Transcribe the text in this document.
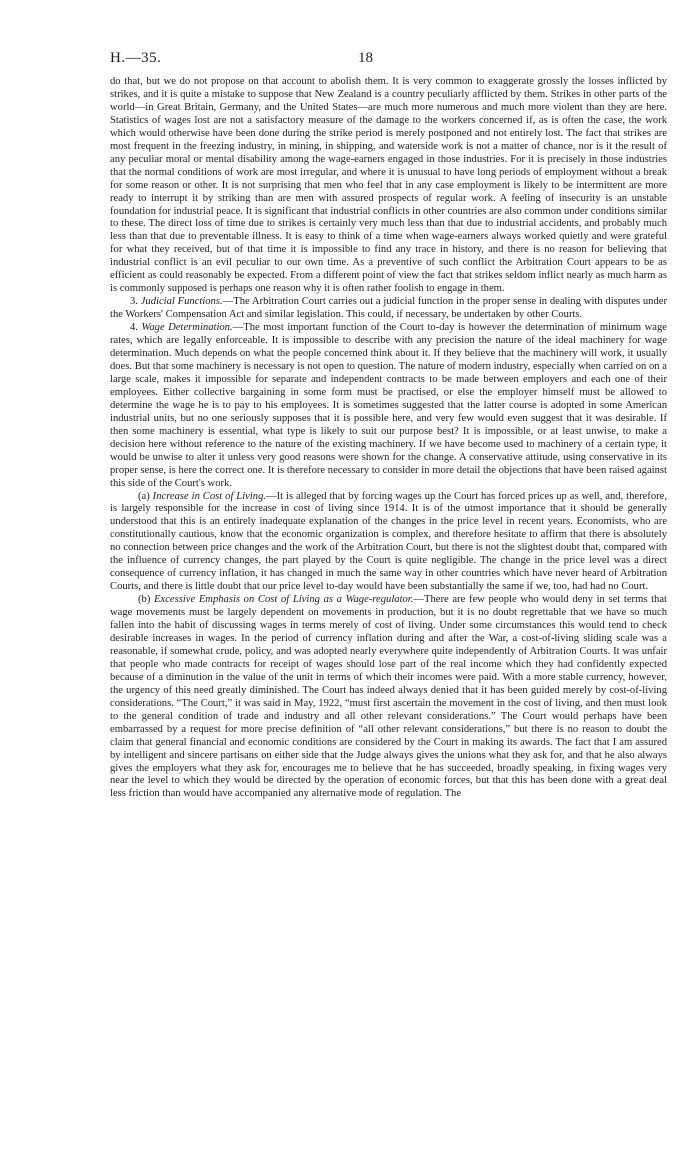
H.—35.	18

do that, but we do not propose on that account to abolish them. It is very common to exaggerate grossly the losses inflicted by strikes, and it is quite a mistake to suppose that New Zealand is a country peculiarly afflicted by them. Strikes in other parts of the world—in Great Britain, Germany, and the United States—are much more numerous and much more violent than they are here. Statistics of wages lost are not a satisfactory measure of the damage to the workers concerned if, as is often the case, the work which would otherwise have been done during the strike period is merely postponed and not entirely lost. The fact that strikes are most frequent in the freezing industry, in mining, in shipping, and waterside work is not a matter of chance, nor is it the result of any peculiar moral or mental disability among the wage-earners engaged in those industries. For it is precisely in those industries that the normal conditions of work are most irregular, and where it is unusual to have long periods of employment without a break for some reason or other. It is not surprising that men who feel that in any case employment is likely to be intermittent are more ready to interrupt it by striking than are men with assured prospects of regular work. A feeling of insecurity is an unstable foundation for industrial peace. It is significant that industrial conflicts in other countries are also common under conditions similar to these. The direct loss of time due to strikes is certainly very much less than that due to industrial accidents, and probably much less than that due to preventable illness. It is easy to think of a time when wage-earners always worked quietly and were grateful for what they received, but of that time it is impossible to find any trace in history, and there is no reason for believing that industrial conflict is an evil peculiar to our own time. As a preventive of such conflict the Arbitration Court appears to be as efficient as could reasonably be expected. From a different point of view the fact that strikes seldom inflict nearly as much harm as is commonly supposed is perhaps one reason why it is often rather foolish to engage in them.

3. Judicial Functions.—The Arbitration Court carries out a judicial function in the proper sense in dealing with disputes under the Workers' Compensation Act and similar legislation. This could, if necessary, be undertaken by other Courts.

4. Wage Determination.—The most important function of the Court to-day is however the determination of minimum wage rates, which are legally enforceable. It is impossible to describe with any precision the nature of the ideal machinery for wage determination. Much depends on what the people concerned think about it. If they believe that the machinery will work, it usually does. But that some machinery is necessary is not open to question. The nature of modern industry, especially when carried on on a large scale, makes it impossible for separate and independent contracts to be made between employers and each one of their employees. Either collective bargaining in some form must be practised, or else the employer himself must be allowed to determine the wage he is to pay to his employees. It is sometimes suggested that the latter course is adopted in some American industrial units, but no one seriously supposes that it is possible here, and very few would even suggest that it was desirable. If then some machinery is essential, what type is likely to suit our purpose best? It is impossible, or at least unwise, to make a decision here without reference to the nature of the existing machinery. If we have become used to machinery of a certain type, it would be unwise to alter it unless very good reasons were shown for the change. A conservative attitude, using conservative in its proper sense, is here the correct one. It is therefore necessary to consider in more detail the objections that have been raised against this side of the Court's work.

(a) Increase in Cost of Living.—It is alleged that by forcing wages up the Court has forced prices up as well, and, therefore, is largely responsible for the increase in cost of living since 1914. It is of the utmost importance that it should be generally understood that this is an entirely inadequate explanation of the changes in the price level in recent years. Economists, who are constitutionally cautious, know that the economic organization is complex, and therefore hesitate to affirm that there is absolutely no connection between price changes and the work of the Arbitration Court, but there is not the slightest doubt that, compared with the influence of currency changes, the part played by the Court is quite negligible. The change in the price level was a direct consequence of currency inflation, it has changed in much the same way in other countries which have never heard of Arbitration Courts, and there is little doubt that our price level to-day would have been substantially the same if we, too, had had no Court.

(b) Excessive Emphasis on Cost of Living as a Wage-regulator.—There are few people who would deny in set terms that wage movements must be largely dependent on movements in production, but it is no doubt regrettable that we have so much fallen into the habit of discussing wages in terms merely of cost of living. Under some circumstances this would tend to check desirable increases in wages. In the period of currency inflation during and after the War, a cost-of-living sliding scale was a reasonable, if somewhat crude, policy, and was adopted nearly everywhere quite independently of Arbitration Courts. It was unfair that people who made contracts for receipt of wages should lose part of the real income which they had confidently expected because of a diminution in the value of the unit in terms of which their incomes were paid. With a more stable currency, however, the urgency of this need greatly diminished. The Court has indeed always denied that it has been guided merely by cost-of-living considerations. “The Court,” it was said in May, 1922, “must first ascertain the movement in the cost of living, and then must look to the general condition of trade and industry and all other relevant considerations.” The Court would perhaps have been embarrassed by a request for more precise definition of “all other relevant considerations,” but there is no reason to doubt the claim that general financial and economic conditions are considered by the Court in making its awards. The fact that I am assured by intelligent and sincere partisans on either side that the Judge always gives the unions what they ask for, and that he also always gives the employers what they ask for, encourages me to believe that he has succeeded, broadly speaking, in fixing wages very near the level to which they would be directed by the operation of economic forces, but that this has been done with a great deal less friction than would have accompanied any alternative mode of regulation. The
